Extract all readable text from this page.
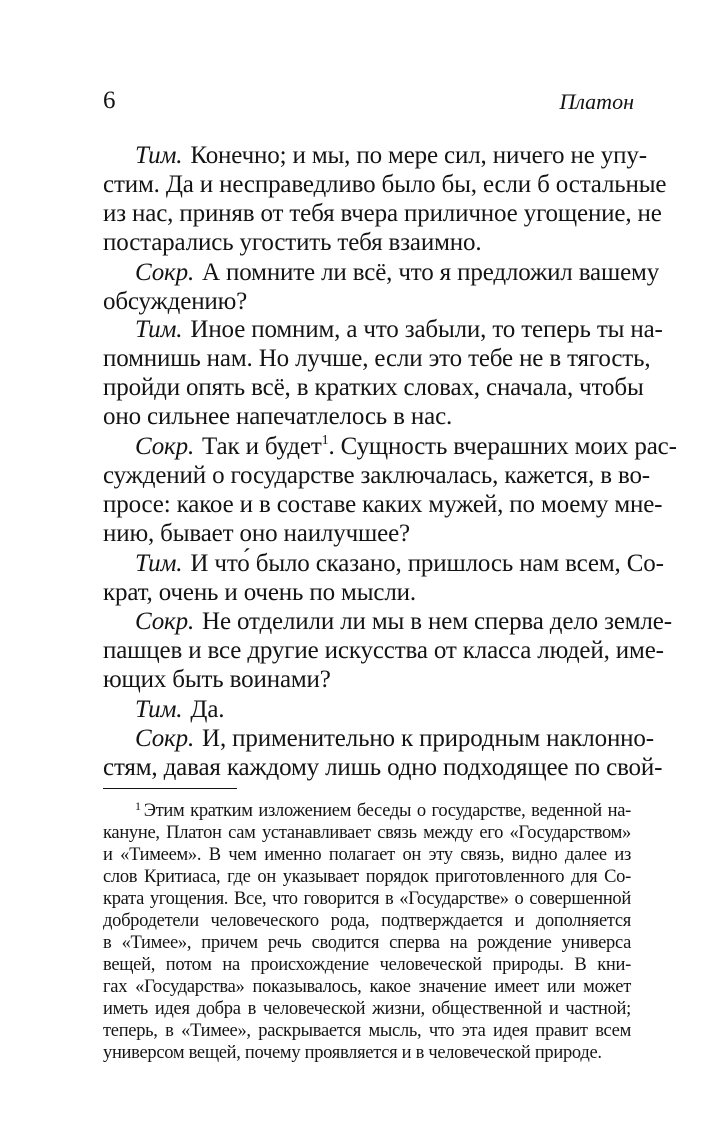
6	Платон
Тим. Конечно; и мы, по мере сил, ничего не упу-
стим. Да и несправедливо было бы, если б остальные
из нас, приняв от тебя вчера приличное угощение, не
постарались угостить тебя взаимно.
Сокр. А помните ли всё, что я предложил вашему
обсуждению?
Тим. Иное помним, а что забыли, то теперь ты на-
помнишь нам. Но лучше, если это тебе не в тягость,
пройди опять всё, в кратких словах, сначала, чтобы
оно сильнее напечатлелось в нас.
Сокр. Так и будет$^1$. Сущность вчерашних моих рас-
суждений о государстве заключалась, кажется, в во-
просе: какое и в составе каких мужей, по моему мне-
нию, бывает оно наилучшее?
Тим. И что́ было сказано, пришлось нам всем, Со-
крат, очень и очень по мысли.
Сокр. Не отделили ли мы в нем сперва дело земле-
пашцев и все другие искусства от класса людей, име-
ющих быть воинами?
Тим. Да.
Сокр. И, применительно к природным наклонно-
стям, давая каждому лишь одно подходящее по свой-
$^1$ Этим кратким изложением беседы о государстве, веденной на-
кануне, Платон сам устанавливает связь между его «Государством»
и «Тимеем». В чем именно полагает он эту связь, видно далее из
слов Критиаса, где он указывает порядок приготовленного для Со-
крата угощения. Все, что говорится в «Государстве» о совершенной
добродетели человеческого рода, подтверждается и дополняется
в «Тимее», причем речь сводится сперва на рождение универса
вещей, потом на происхождение человеческой природы. В кни-
гах «Государства» показывалось, какое значение имеет или может
иметь идея добра в человеческой жизни, общественной и частной;
теперь, в «Тимее», раскрывается мысль, что эта идея правит всем
универсом вещей, почему проявляется и в человеческой природе.
